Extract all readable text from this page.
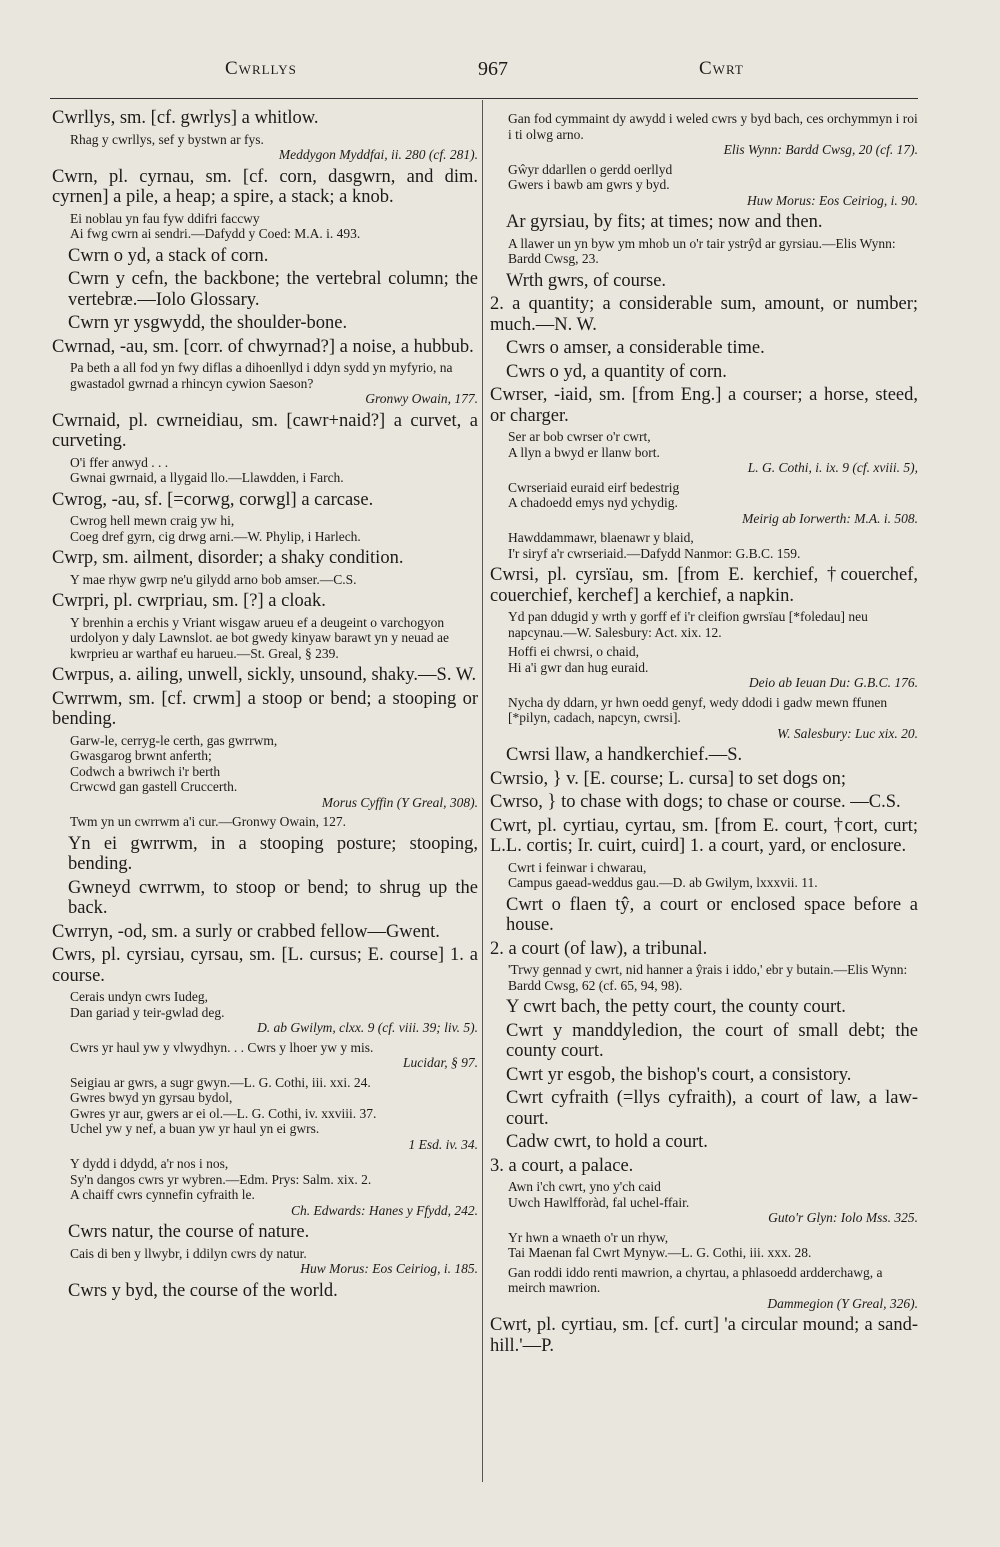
Cwrllys	967	Cwrt
Cwrllys, sm. [cf. gwrlys] a whitlow.
Rhag y cwrllys, sef y bystwn ar fys.
Meddygon Myddfai, ii. 280 (cf. 281).
Cwrn, pl. cyrnau, sm. [cf. corn, dasgwrn, and dim. cyrnen] a pile, a heap; a spire, a stack; a knob.
Ei noblau yn fau fyw ddifri faccwy
Ai fwg cwrn ai sendri.—Dafydd y Coed: M.A. i. 493.
Cwrn o yd, a stack of corn.
Cwrn y cefn, the backbone; the vertebral column; the vertebræ.—Iolo Glossary.
Cwrn yr ysgwydd, the shoulder-bone.
Cwrnad, -au, sm. [corr. of chwyrnad?] a noise, a hubbub.
Pa beth a all fod yn fwy diflas a dihoenllyd i ddyn sydd yn myfyrio, na gwastadol gwrnad a rhincyn cywion Saeson?
Gronwy Owain, 177.
Cwrnaid, pl. cwrneidiau, sm. [cawr+naid?] a curvet, a curveting.
O'i ffer anwyd . . .
Gwnai gwrnaid, a llygaid llo.—Llawdden, i Farch.
Cwrog, -au, sf. [=corwg, corwgl] a carcase.
Cwrog hell mewn craig yw hi,
Coeg dref gyrn, cig drwg arni.—W. Phylip, i Harlech.
Cwrp, sm. ailment, disorder; a shaky condition.
Y mae rhyw gwrp ne'u gilydd arno bob amser.—C.S.
Cwrpri, pl. cwrpriau, sm. [?] a cloak.
Y brenhin a erchis y Vriant wisgaw arueu ef a deugeint o varchogyon urdolyon y daly Lawnslot. ae bot gwedy kinyaw barawt yn y neuad ae kwrprieu ar warthaf eu harueu.—St. Greal, § 239.
Cwrpus, a. ailing, unwell, sickly, unsound, shaky.—S. W.
Cwrrwm, sm. [cf. crwm] a stoop or bend; a stooping or bending.
Garw-le, cerryg-le certh, gas gwrrwm,
Gwasgarog brwnt anferth;
Codwch a bwriwch i'r berth
Crwcwd gan gastell Cruccerth.
Morus Cyffin (Y Greal, 308).
Twm yn un cwrrwm a'i cur.—Gronwy Owain, 127.
Yn ei gwrrwm, in a stooping posture; stooping, bending.
Gwneyd cwrrwm, to stoop or bend; to shrug up the back.
Cwrryn, -od, sm. a surly or crabbed fellow—Gwent.
Cwrs, pl. cyrsiau, cyrsau, sm. [L. cursus; E. course] 1. a course.
Cerais undyn cwrs Iudeg,
Dan gariad y teir-gwlad deg.
D. ab Gwilym, clxx. 9 (cf. viii. 39; liv. 5).
Cwrs yr haul yw y vlwydhyn. . . Cwrs y lhoer yw y mis.
Lucidar, § 97.
Seigiau ar gwrs, a sugr gwyn.—L. G. Cothi, iii. xxi. 24.
Gwres bwyd yn gyrsau bydol,
Gwres yr aur, gwers ar ei ol.—L. G. Cothi, iv. xxviii. 37.
Uchel yw y nef, a buan yw yr haul yn ei gwrs.
1 Esd. iv. 34.
Y dydd i ddydd, a'r nos i nos,
Sy'n dangos cwrs yr wybren.—Edm. Prys: Salm. xix. 2.
A chaiff cwrs cynnefin cyfraith le.
Ch. Edwards: Hanes y Ffydd, 242.
Cwrs natur, the course of nature.
Cais di ben y llwybr, i ddilyn cwrs dy natur.
Huw Morus: Eos Ceiriog, i. 185.
Cwrs y byd, the course of the world.
Gan fod cymmaint dy awydd i weled cwrs y byd bach, ces orchymmyn i roi i ti olwg arno.
Elis Wynn: Bardd Cwsg, 20 (cf. 17).
Gŵyr ddarllen o gerdd oerllyd
Gwers i bawb am gwrs y byd.
Huw Morus: Eos Ceiriog, i. 90.
Ar gyrsiau, by fits; at times; now and then.
A llawer un yn byw ym mhob un o'r tair ystrŷd ar gyrsiau.—Elis Wynn: Bardd Cwsg, 23.
Wrth gwrs, of course.
2. a quantity; a considerable sum, amount, or number; much.—N. W.
Cwrs o amser, a considerable time.
Cwrs o yd, a quantity of corn.
Cwrser, -iaid, sm. [from Eng.] a courser; a horse, steed, or charger.
Ser ar bob cwrser o'r cwrt,
A llyn a bwyd er llanw bort.
L. G. Cothi, i. ix. 9 (cf. xviii. 5),
Cwrseriaid euraid eirf bedestrig
A chadoedd emys nyd ychydig.
Meirig ab Iorwerth: M.A. i. 508.
Hawddammawr, blaenawr y blaid,
I'r siryf a'r cwrseriaid.—Dafydd Nanmor: G.B.C. 159.
Cwrsi, pl. cyrsïau, sm. [from E. kerchief, †couerchef, couerchief, kerchef] a kerchief, a napkin.
Yd pan ddugid y wrth y gorff ef i'r cleifion gwrsïau [*foledau] neu napcynau.—W. Salesbury: Act. xix. 12.
Hoffi ei chwrsi, o chaid,
Hi a'i gwr dan hug euraid.
Deio ab Ieuan Du: G.B.C. 176.
Nycha dy ddarn, yr hwn oedd genyf, wedy ddodi i gadw mewn ffunen [*pilyn, cadach, napcyn, cwrsi].
W. Salesbury: Luc xix. 20.
Cwrsi llaw, a handkerchief.—S.
Cwrsio, } v. [E. course; L. cursa] to set dogs on;
Cwrso, } to chase with dogs; to chase or course. —C.S.
Cwrt, pl. cyrtiau, cyrtau, sm. [from E. court, †cort, curt; L.L. cortis; Ir. cuirt, cuird] 1. a court, yard, or enclosure.
Cwrt i feinwar i chwarau,
Campus gaead-weddus gau.—D. ab Gwilym, lxxxvii. 11.
Cwrt o flaen tŷ, a court or enclosed space before a house.
2. a court (of law), a tribunal.
'Trwy gennad y cwrt, nid hanner a ŷrais i iddo,' ebr y butain.—Elis Wynn: Bardd Cwsg, 62 (cf. 65, 94, 98).
Y cwrt bach, the petty court, the county court.
Cwrt y manddyledion, the court of small debt; the county court.
Cwrt yr esgob, the bishop's court, a consistory.
Cwrt cyfraith (=llys cyfraith), a court of law, a law-court.
Cadw cwrt, to hold a court.
3. a court, a palace.
Awn i'ch cwrt, yno y'ch caid
Uwch Hawlfforàd, fal uchel-ffair.
Guto'r Glyn: Iolo Mss. 325.
Yr hwn a wnaeth o'r un rhyw,
Tai Maenan fal Cwrt Mynyw.—L. G. Cothi, iii. xxx. 28.
Gan roddi iddo renti mawrion, a chyrtau, a phlasoedd ardderchawg, a meirch mawrion.
Dammegion (Y Greal, 326).
Cwrt, pl. cyrtiau, sm. [cf. curt] 'a circular mound; a sand-hill.'—P.
